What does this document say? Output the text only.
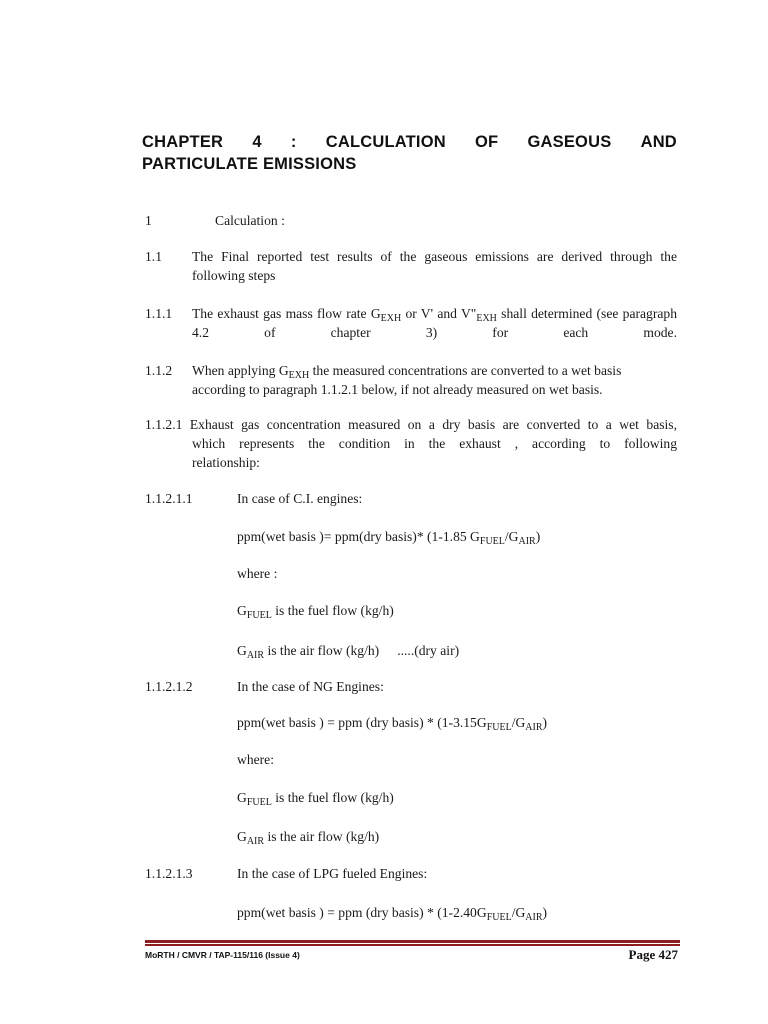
CHAPTER 4 : CALCULATION OF GASEOUS AND
PARTICULATE EMISSIONS
1	Calculation :
1.1 The Final reported test results of the gaseous emissions are derived through the following steps
1.1.1 The exhaust gas mass flow rate $G_{EXH}$ or V' and $V"_{EXH}$ shall determined (see paragraph 4.2 of chapter 3) for each mode.
1.1.2 When applying $G_{EXH}$ the measured concentrations are converted to a wet basis
according to paragraph 1.1.2.1 below, if not already measured on wet basis.
1.1.2.1 Exhaust gas concentration measured on a dry basis are converted to a wet basis,
which represents the condition in the exhaust , according to following
relationship:
1.1.2.1.1	In case of C.I. engines:
ppm(wet basis )= ppm(dry basis)* (1-1.85 $G_{FUEL}/G_{AIR}$)
where :
$G_{FUEL}$ is the fuel flow (kg/h)
$G_{AIR}$ is the air flow (kg/h) .....(dry air)
1.1.2.1.2	In the case of NG Engines:
ppm(wet basis ) = ppm (dry basis) * $(1-3.15G_{FUEL}/G_{AIR})$
where:
$G_{FUEL}$ is the fuel flow (kg/h)
$G_{AIR}$ is the air flow (kg/h)
1.1.2.1.3	In the case of LPG fueled Engines:
ppm(wet basis ) = ppm (dry basis) * $(1-2.40G_{FUEL}/G_{AIR})$
MoRTH / CMVR / TAP-115/116 (Issue 4)	Page 427
